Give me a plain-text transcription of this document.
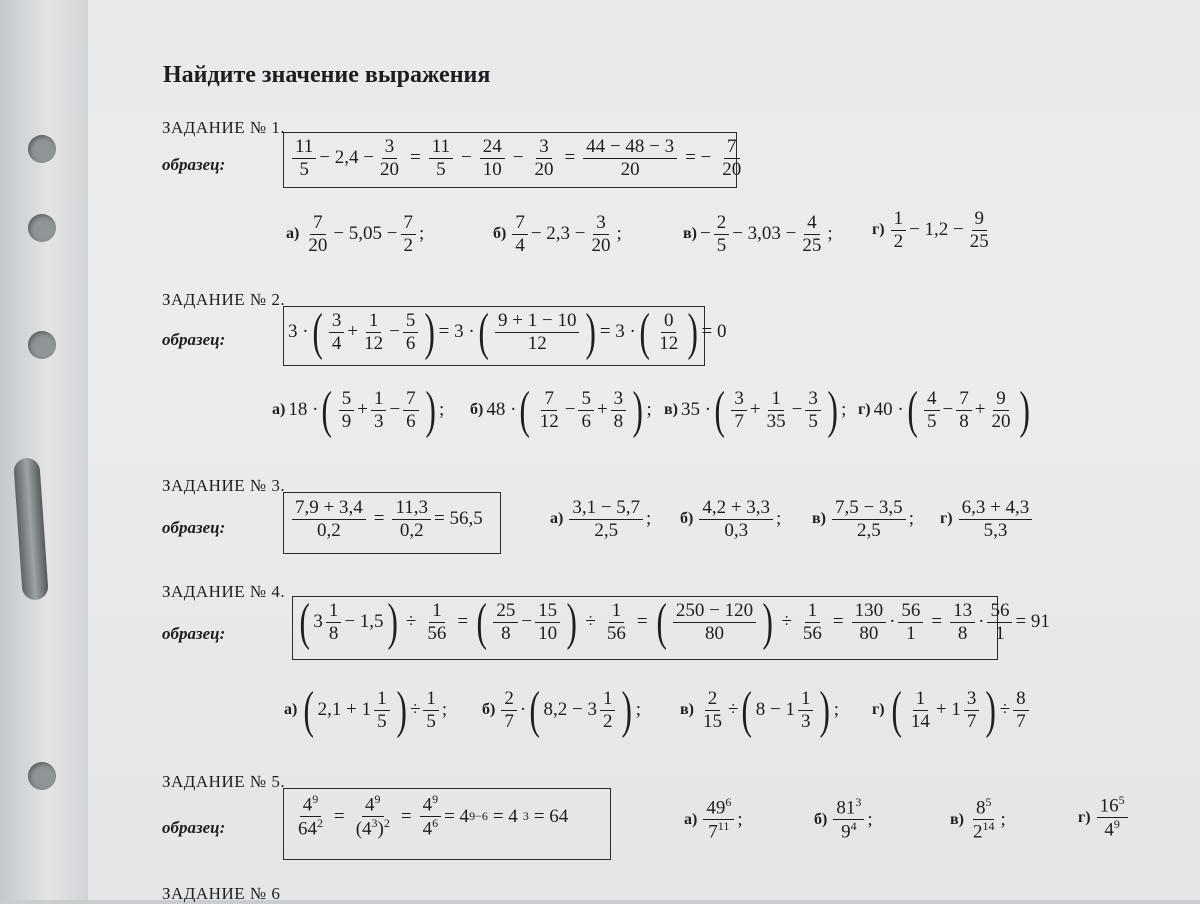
Найдите значение выражения
ЗАДАНИЕ № 1.
образец:
11
5
− $2,4 - \frac{3}{20} = \frac{11}{5} - \frac{24}{10} - \frac{3}{20} = \frac{44 - 48 - 3}{20}$ = − $\frac{7}{20}$
а)
7
20
− $5,05 - \frac{7}{2}$ ;	б)
7
4
− $2,3 - \frac{3}{20}$ ;	$в) - \frac{2}{5} - 3,03 - \frac{4}{25}$ ; г)
1
2
− $1,2 - \frac{9}{25}$
ЗАДАНИЕ № 2.
образец:	3 · ( 3
4
+ $\frac{1}{12} - \frac{5}{6}$ ) = 3 · ( 9 + 1 − 10
12 ) = 3 · ( 0
12 ) = 0
а) 18 · ( 5
9
+ $\frac{1}{3} - \frac{7}{6}$ ) ; б) 48 · ( 7
12
− $\frac{5}{6} + \frac{3}{8}$ ) ; в) 35 · ( 3
7
+ $\frac{1}{35} - \frac{3}{5}$ ) ; г) 40 · ( 4
5
− $\frac{7}{8} + \frac{9}{20}$ )
ЗАДАНИЕ № 3.
образец:	$\frac{7,9 + 3,4}{0,2} = \frac{11,3}{0,2} = 56,5$	а)
3,1 − 5,7
2,5
; б)
4,2 + 3,3
0,3
; в)
7,5 − 3,5
2,5
; г)
6,3 + 4,3
5,3
ЗАДАНИЕ № 4.
образец: ( 3
1
8
− 1,5 ) ÷ $\frac{1}{56}$ = ( 25
8
− $\frac{15}{10}$ ) ÷ $\frac{1}{56}$ = ( 250 − 120
80 ) ÷ $\frac{1}{56} = \frac{130}{80} \cdot \frac{56}{1} = \frac{13}{8} \cdot \frac{56}{1} = 91$
а) ( 2,1 + 1
1
5 ) ÷ $\frac{1}{5}$ ; б)
2
7
· ( 8,2 − 3
1
2 ) ; $в) \frac{2}{15}$ ÷ ( 8 − 1
1
3 ) ; г) ( 1
14
+ 1
3
7 ) ÷ $\frac{8}{7}$
ЗАДАНИЕ № 5.
образец:	$\frac{4^9}{64^2} = \frac{4^9}{(4^3)^2} = \frac{4^9}{4^6} = 4$ 9−6 = 4 3 = 64	а)
$49^6$
$7^{11}$ ;	б)
$81^3$
$9^4$ ;	в)
$8^5$
$2^{14}$ ;	г)
$16^5$
$4^9$
ЗАДАНИЕ № 6
